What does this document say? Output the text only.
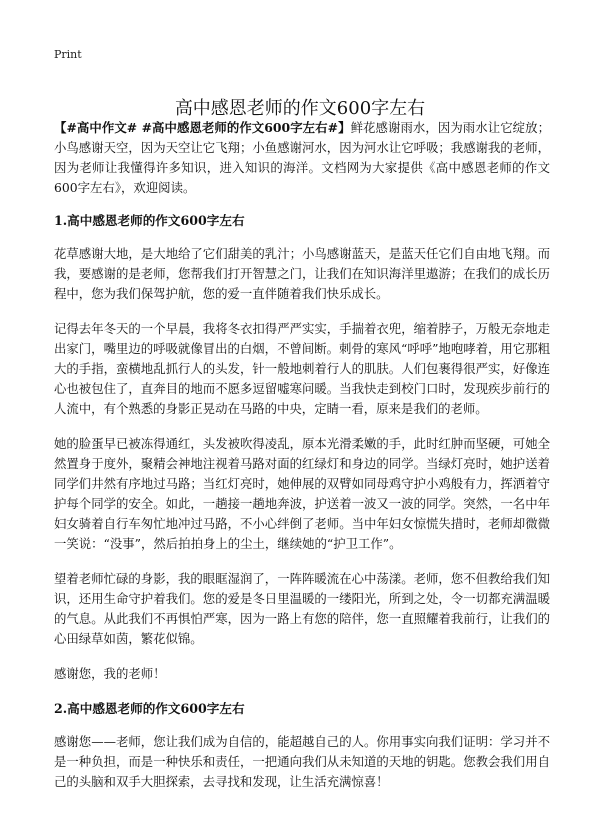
Print
高中感恩老师的作文600字左右

【#高中作文# #高中感恩老师的作文600字左右#】鲜花感谢雨水，因为雨水让它绽放；小鸟感谢天空，因为天空让它飞翔；小鱼感谢河水，因为河水让它呼吸；我感谢我的老师，因为老师让我懂得许多知识，进入知识的海洋。文档网为大家提供《高中感恩老师的作文600字左右》，欢迎阅读。

1.高中感恩老师的作文600字左右

花草感谢大地，是大地给了它们甜美的乳汁；小鸟感谢蓝天，是蓝天任它们自由地飞翔。而我，要感谢的是老师，您帮我们打开智慧之门，让我们在知识海洋里遨游；在我们的成长历程中，您为我们保驾护航，您的爱一直伴随着我们快乐成长。

记得去年冬天的一个早晨，我将冬衣扣得严严实实，手揣着衣兜，缩着脖子，万般无奈地走出家门，嘴里边的呼吸就像冒出的白烟，不曾间断。刺骨的寒风“呼呼”地咆哮着，用它那粗大的手指，蛮横地乱抓行人的头发，针一般地刺着行人的肌肤。人们包裹得很严实，好像连心也被包住了，直奔目的地而不愿多逗留嘘寒问暖。当我快走到校门口时，发现疾步前行的人流中，有个熟悉的身影正晃动在马路的中央，定睛一看，原来是我们的老师。

她的脸蛋早已被冻得通红，头发被吹得凌乱，原本光滑柔嫩的手，此时红肿而坚硬，可她全然置身于度外，聚精会神地注视着马路对面的红绿灯和身边的同学。当绿灯亮时，她护送着同学们井然有序地过马路；当红灯亮时，她伸展的双臂如同母鸡守护小鸡般有力，挥洒着守护每个同学的安全。如此，一趟接一趟地奔波，护送着一波又一波的同学。突然，一名中年妇女骑着自行车匆忙地冲过马路，不小心绊倒了老师。当中年妇女惊慌失措时，老师却微微一笑说：“没事”，然后拍拍身上的尘土，继续她的“护卫工作”。

望着老师忙碌的身影，我的眼眶湿润了，一阵阵暖流在心中荡漾。老师，您不但教给我们知识，还用生命守护着我们。您的爱是冬日里温暖的一缕阳光，所到之处，令一切都充满温暖的气息。从此我们不再惧怕严寒，因为一路上有您的陪伴，您一直照耀着我前行，让我们的心田绿草如茵，繁花似锦。

感谢您，我的老师！

2.高中感恩老师的作文600字左右

感谢您——老师，您让我们成为自信的，能超越自己的人。你用事实向我们证明：学习并不是一种负担，而是一种快乐和责任，一把通向我们从未知道的天地的钥匙。您教会我们用自己的头脑和双手大胆探索，去寻找和发现，让生活充满惊喜！
